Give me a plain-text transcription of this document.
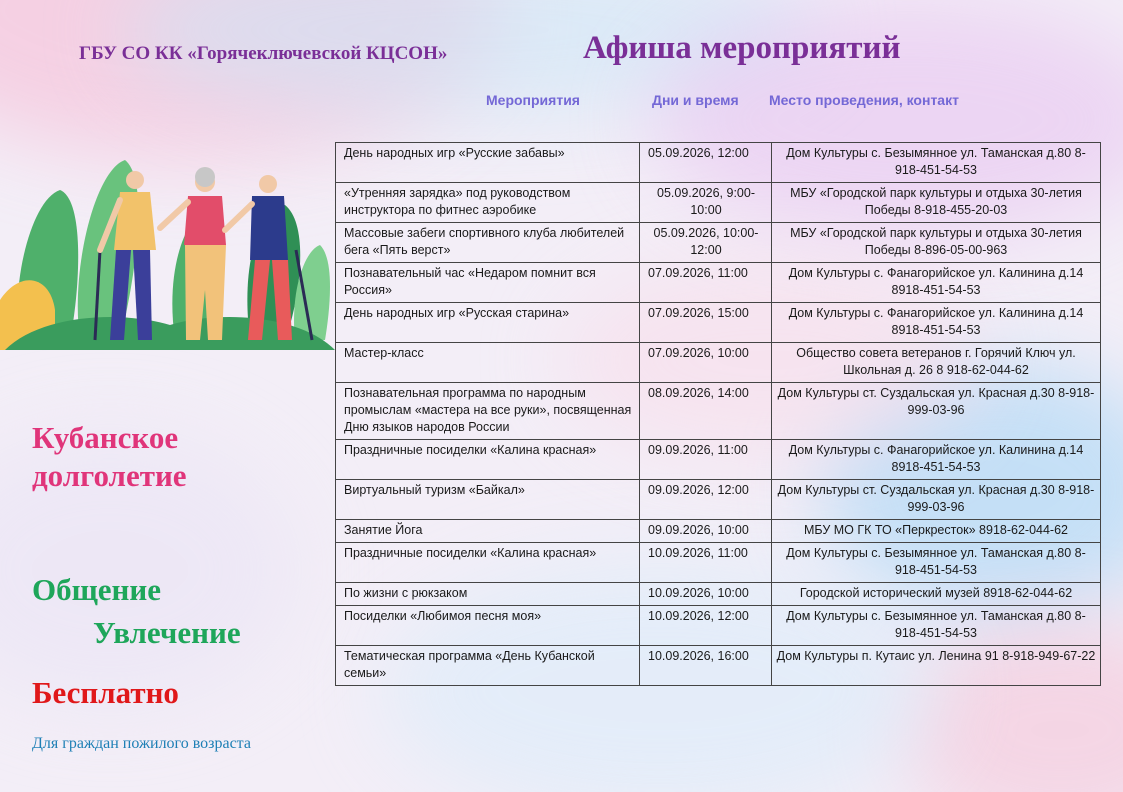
ГБУ СО КК «Горячеключевской КЦСОН»	Афиша мероприятий
Мероприятия	Дни и время Место проведения, контакт
День народных игр «Русские забавы»	05.09.2026, 12:00	Дом Культуры с. Безымянное ул. Таманская д.80 8-918-451-54-53
«Утренняя зарядка» под руководством инструктора по фитнес аэробике	05.09.2026, 9:00-10:00	МБУ «Городской парк культуры и отдыха 30-летия Победы 8-918-455-20-03
Массовые забеги спортивного клуба любителей бега «Пять верст»	05.09.2026, 10:00-12:00	МБУ «Городской парк культуры и отдыха 30-летия Победы 8-896-05-00-963
Познавательный час «Недаром помнит вся Россия»	07.09.2026, 11:00	Дом Культуры с. Фанагорийское ул. Калинина д.14 8918-451-54-53
День народных игр «Русская старина»	07.09.2026, 15:00	Дом Культуры с. Фанагорийское ул. Калинина д.14 8918-451-54-53
Мастер-класс	07.09.2026, 10:00	Общество совета ветеранов г. Горячий Ключ ул. Школьная д. 26 8 918-62-044-62
Познавательная программа по народным промыслам «мастера на все руки», посвященная Дню языков народов России	08.09.2026, 14:00	Дом Культуры ст. Суздальская ул. Красная д.30 8-918-999-03-96
Праздничные посиделки «Калина красная»	09.09.2026, 11:00	Дом Культуры с. Фанагорийское ул. Калинина д.14 8918-451-54-53
Виртуальный туризм «Байкал»	09.09.2026, 12:00	Дом Культуры ст. Суздальская ул. Красная д.30 8-918-999-03-96
Занятие Йога	09.09.2026, 10:00	МБУ МО ГК ТО «Перкресток» 8918-62-044-62
Праздничные посиделки «Калина красная»	10.09.2026, 11:00	Дом Культуры с. Безымянное ул. Таманская д.80 8-918-451-54-53
По жизни с рюкзаком	10.09.2026, 10:00	Городской исторический музей 8918-62-044-62
Посиделки «Любимоя песня моя»	10.09.2026, 12:00	Дом Культуры с. Безымянное ул. Таманская д.80 8-918-451-54-53
Тематическая программа «День Кубанской семьи»	10.09.2026, 16:00	Дом Культуры п. Кутаис ул. Ленина 91 8-918-949-67-22
Кубанское долголетие
Общение
Увлечение
Бесплатно
Для граждан пожилого возраста
